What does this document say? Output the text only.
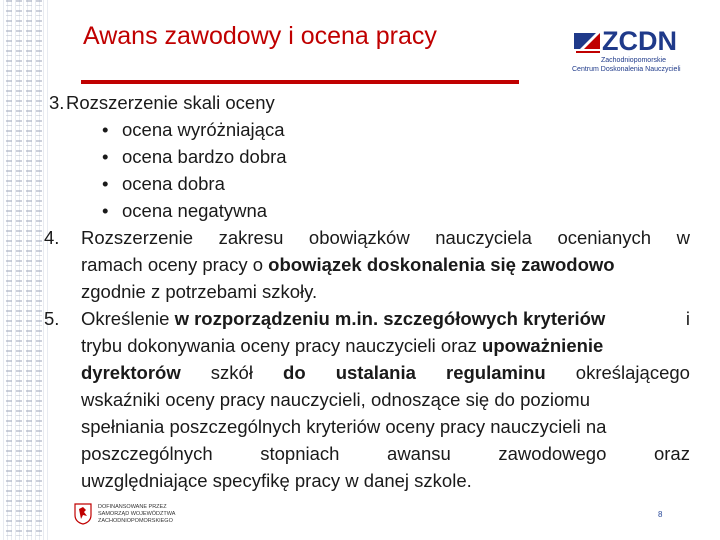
Awans zawodowy i ocena pracy	ZCDN
Zachodniopomorskie
Centrum Doskonalenia Nauczycieli
3. Rozszerzenie skali oceny
• ocena wyróżniająca
• ocena bardzo dobra
• ocena dobra
• ocena negatywna
4. Rozszerzenie zakresu obowiązków nauczyciela ocenianych w
ramach oceny pracy o obowiązek doskonalenia się zawodowo
zgodnie z potrzebami szkoły.
5. Określenie w rozporządzeniu m.in. szczegółowych kryteriów	i
trybu dokonywania oceny pracy nauczycieli oraz upoważnienie
dyrektorów szkół do ustalania regulaminu określającego
wskaźniki oceny pracy nauczycieli, odnoszące się do poziomu
spełniania poszczególnych kryteriów oceny pracy nauczycieli na
poszczególnych	stopniach	awansu	zawodowego	oraz
uwzględniające specyfikę pracy w danej szkole.
DOFINANSOWANE PRZEZ
SAMORZĄD WOJEWÓDZTWA
ZACHODNIOPOMORSKIEGO
8
